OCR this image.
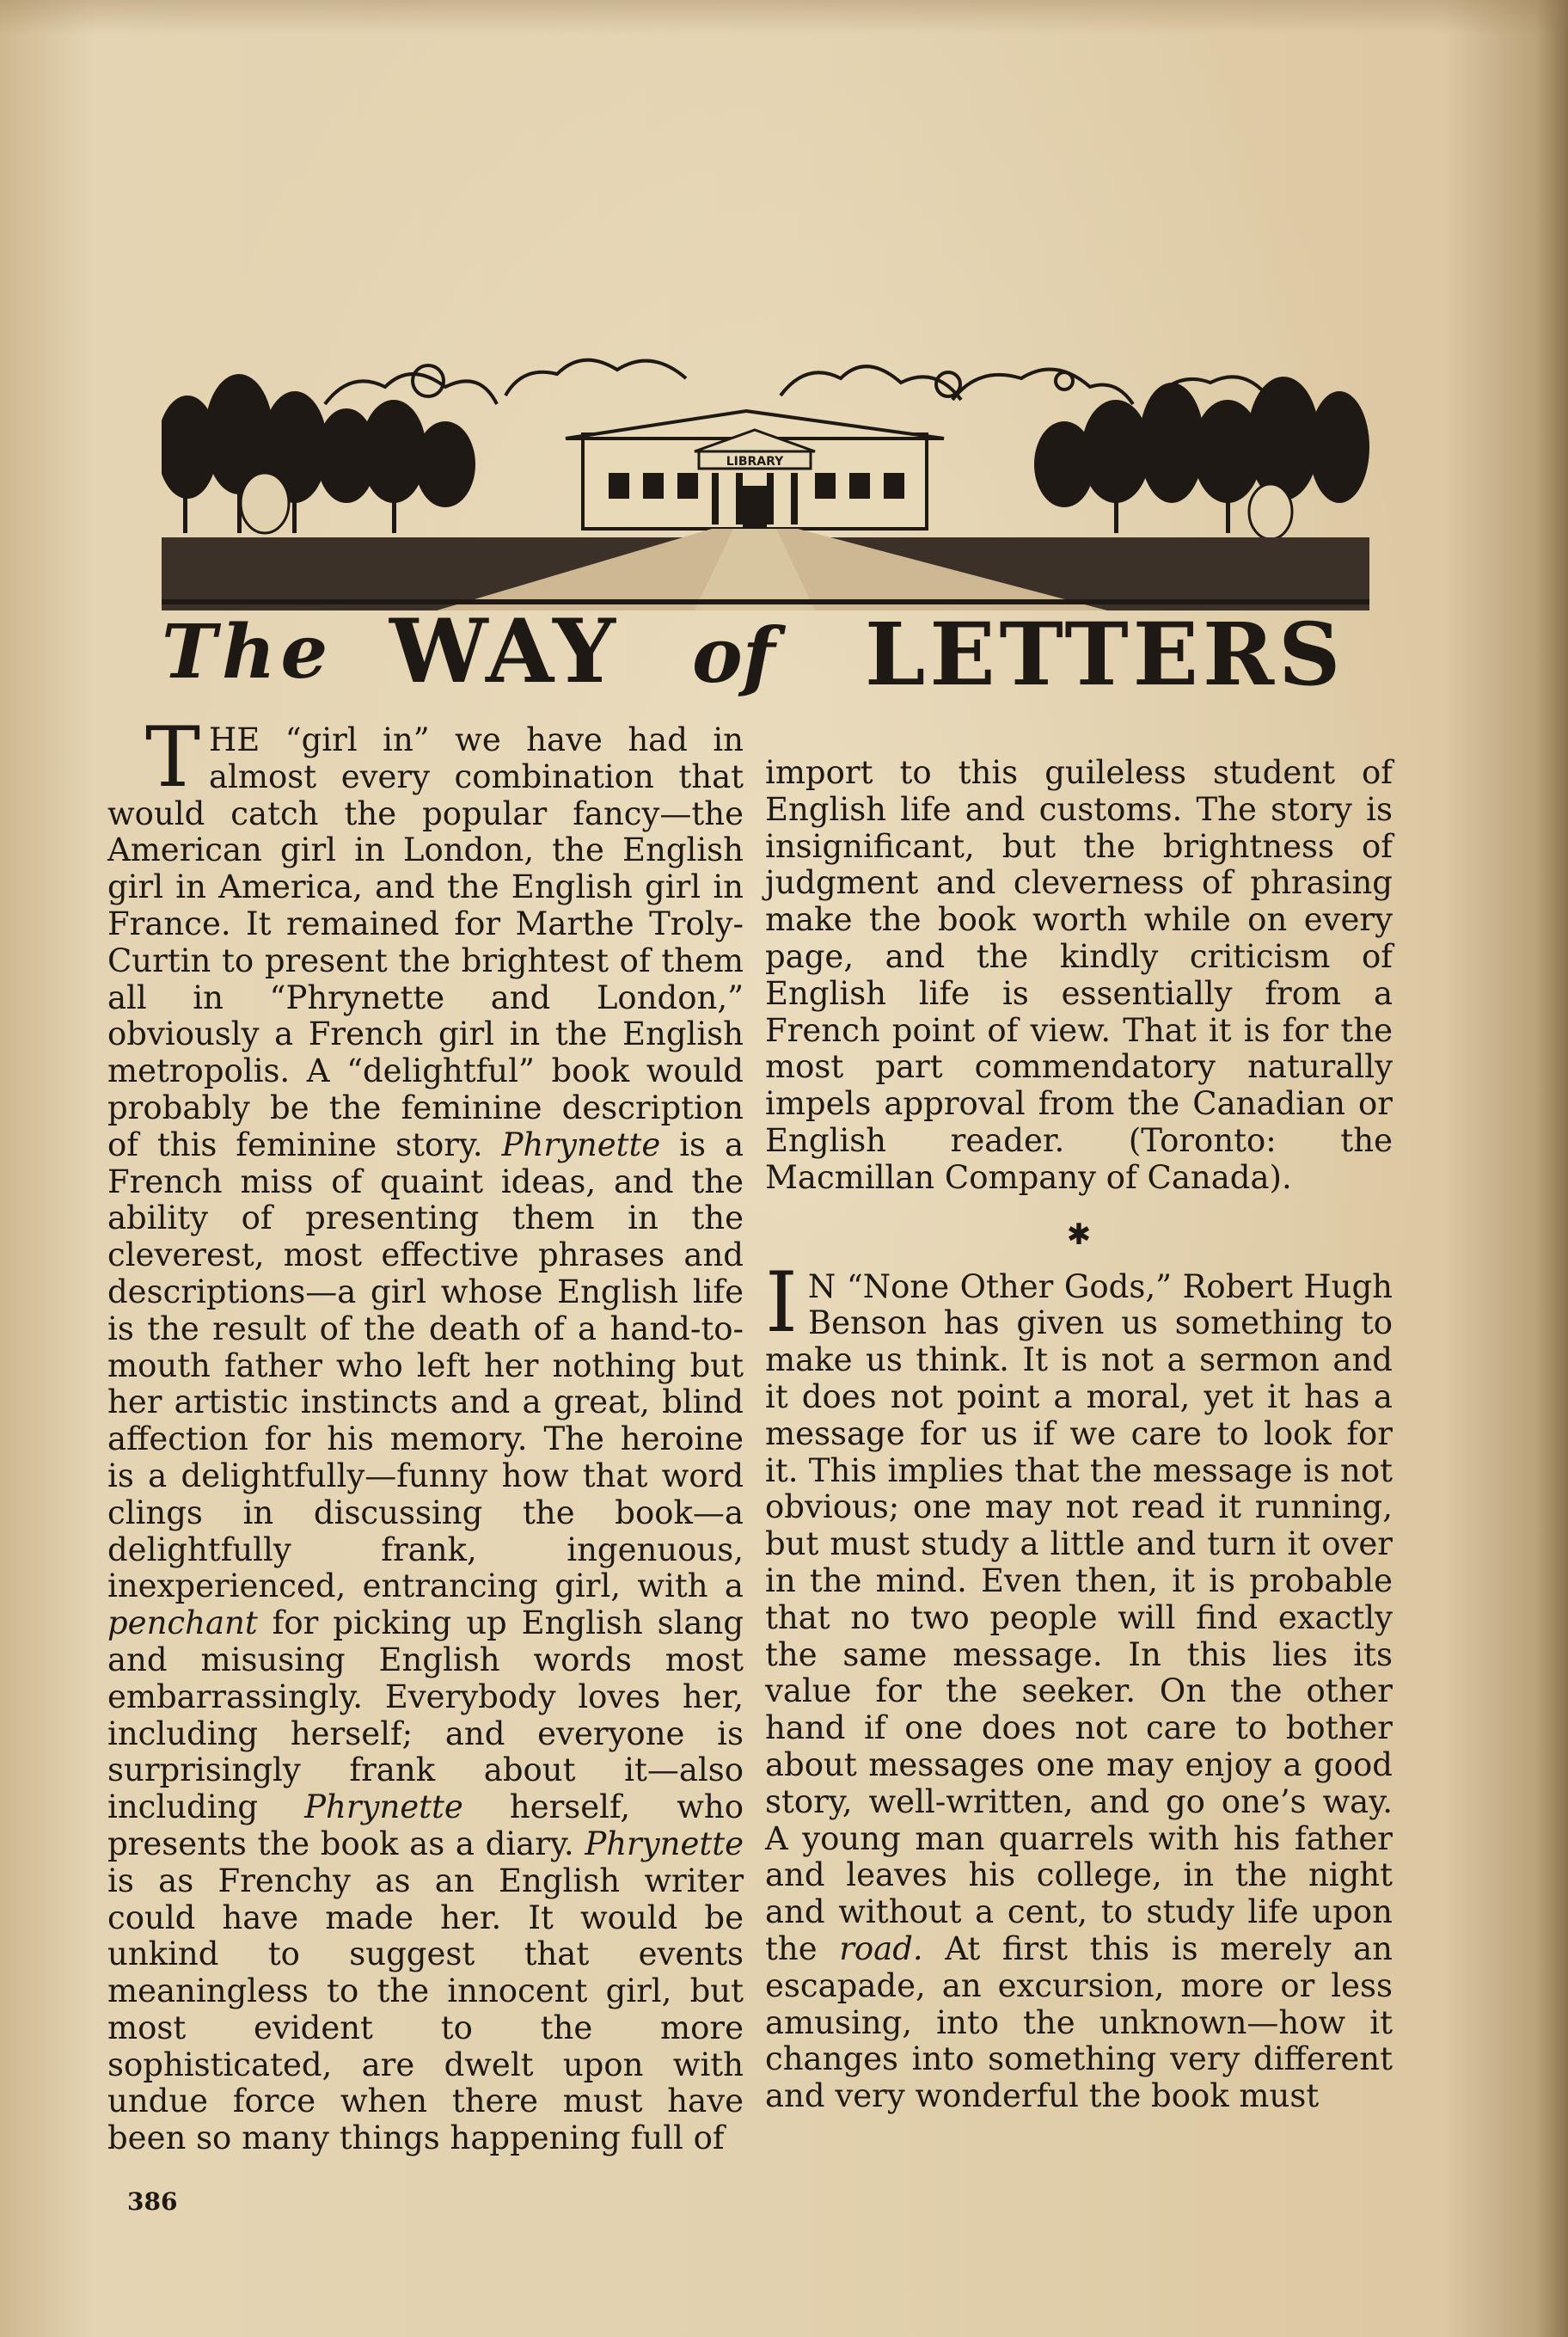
LIBRARY
The WAY of LETTERS

THE “girl in” we have had in almost every combination that would catch the popular fancy—the American girl in London, the English girl in America, and the English girl in France. It remained for Marthe Troly-Curtin to present the brightest of them all in “Phrynette and London,” obviously a French girl in the English metropolis. A “delightful” book would probably be the feminine description of this feminine story. Phrynette is a French miss of quaint ideas, and the ability of presenting them in the cleverest, most effective phrases and descriptions—a girl whose English life is the result of the death of a hand-to-mouth father who left her nothing but her artistic instincts and a great, blind affection for his memory. The heroine is a delightfully—funny how that word clings in discussing the book—a delightfully frank, ingenuous, inexperienced, entrancing girl, with a penchant for picking up English slang and misusing English words most embarrassingly. Everybody loves her, including herself; and everyone is surprisingly frank about it—also including Phrynette herself, who presents the book as a diary. Phrynette is as Frenchy as an English writer could have made her. It would be unkind to suggest that events meaningless to the innocent girl, but most evident to the more sophisticated, are dwelt upon with undue force when there must have been so many things happening full of

import to this guileless student of English life and customs. The story is insignificant, but the brightness of judgment and cleverness of phrasing make the book worth while on every page, and the kindly criticism of English life is essentially from a French point of view. That it is for the most part commendatory naturally impels approval from the Canadian or English reader. (Toronto: the Macmillan Company of Canada).

✱

I N “None Other Gods,” Robert Hugh Benson has given us something to make us think. It is not a sermon and it does not point a moral, yet it has a message for us if we care to look for it. This implies that the message is not obvious; one may not read it running, but must study a little and turn it over in the mind. Even then, it is probable that no two people will find exactly the same message. In this lies its value for the seeker. On the other hand if one does not care to bother about messages one may enjoy a good story, well-written, and go one’s way. A young man quarrels with his father and leaves his college, in the night and without a cent, to study life upon the road. At first this is merely an escapade, an excursion, more or less amusing, into the unknown—how it changes into something very different and very wonderful the book must

386
